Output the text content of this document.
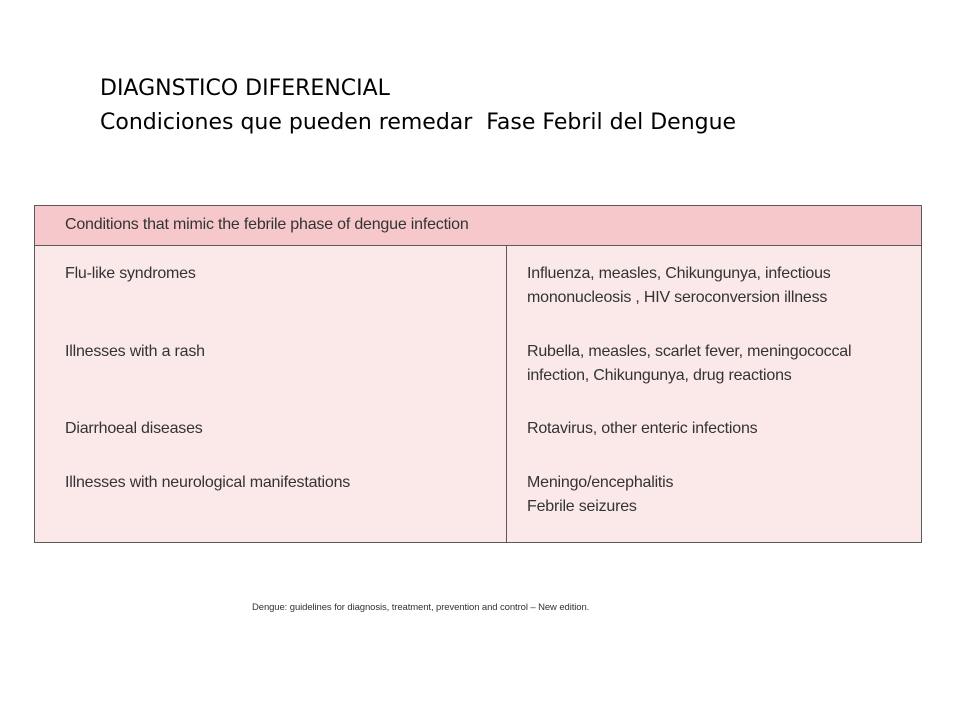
DIAGNSTICO DIFERENCIAL
Condiciones que pueden remedar  Fase Febril del Dengue
Conditions that mimic the febrile phase of dengue infection
Flu-like syndromes	Influenza, measles, Chikungunya, infectious
mononucleosis , HIV seroconversion illness
Illnesses with a rash	Rubella, measles, scarlet fever, meningococcal
infection, Chikungunya, drug reactions
Diarrhoeal diseases	Rotavirus, other enteric infections
Illnesses with neurological manifestations	Meningo/encephalitis
Febrile seizures
Dengue: guidelines for diagnosis, treatment, prevention and control – New edition.
